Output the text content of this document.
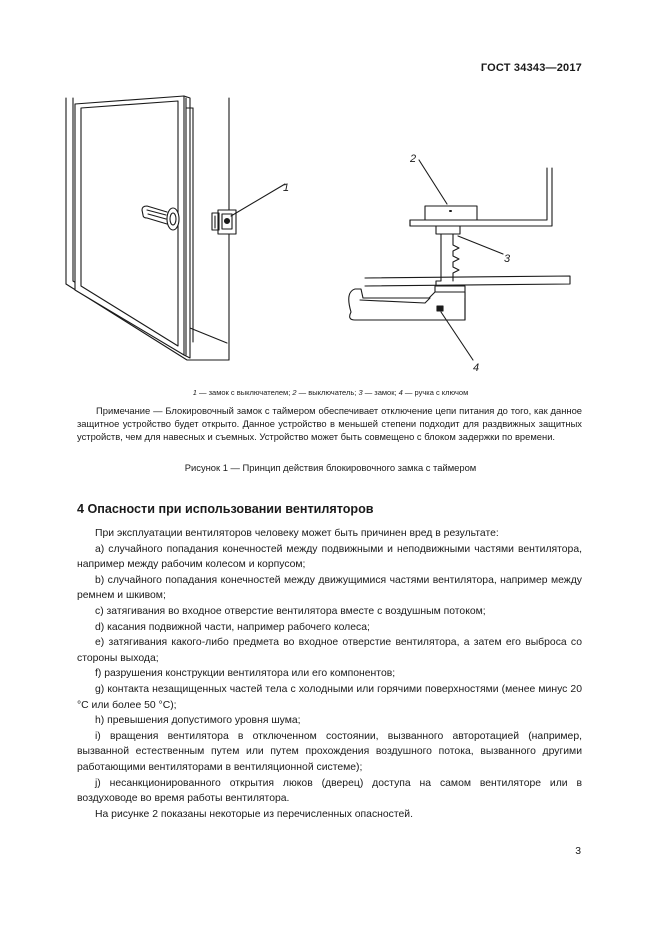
ГОСТ 34343—2017
1
2
3
4
1 — замок с выключателем; 2 — выключатель; 3 — замок; 4 — ручка с ключом
Примечание — Блокировочный замок с таймером обеспечивает отключение цепи питания до того, как данное защитное устройство будет открыто. Данное устройство в меньшей степени подходит для раздвижных защитных устройств, чем для навесных и съемных. Устройство может быть совмещено с блоком задержки по времени.
Рисунок 1 — Принцип действия блокировочного замка с таймером
4 Опасности при использовании вентиляторов

При эксплуатации вентиляторов человеку может быть причинен вред в результате:

a) случайного попадания конечностей между подвижными и неподвижными частями вентилятора, например между рабочим колесом и корпусом;

b) случайного попадания конечностей между движущимися частями вентилятора, например между ремнем и шкивом;

c) затягивания во входное отверстие вентилятора вместе с воздушным потоком;

d) касания подвижной части, например рабочего колеса;

e) затягивания какого-либо предмета во входное отверстие вентилятора, а затем его выброса со стороны выхода;

f) разрушения конструкции вентилятора или его компонентов;

g) контакта незащищенных частей тела с холодными или горячими поверхностями (менее минус 20 °C или более 50 °C);

h) превышения допустимого уровня шума;

i) вращения вентилятора в отключенном состоянии, вызванного авторотацией (например, вызванной естественным путем или путем прохождения воздушного потока, вызванного другими работающими вентиляторами в вентиляционной системе);

j) несанкционированного открытия люков (дверец) доступа на самом вентиляторе или в воздуховоде во время работы вентилятора.

На рисунке 2 показаны некоторые из перечисленных опасностей.

3
